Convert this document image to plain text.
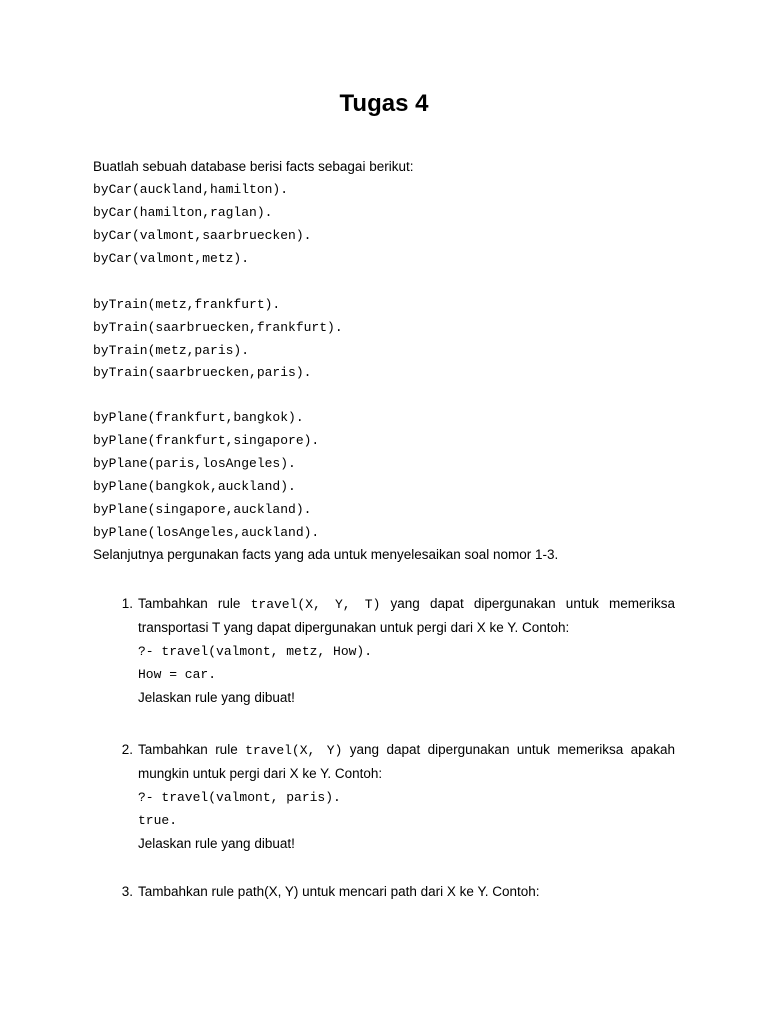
Tugas 4
Buatlah sebuah database berisi facts sebagai berikut:
byCar(auckland,hamilton).
byCar(hamilton,raglan).
byCar(valmont,saarbruecken).
byCar(valmont,metz).
byTrain(metz,frankfurt).
byTrain(saarbruecken,frankfurt).
byTrain(metz,paris).
byTrain(saarbruecken,paris).
byPlane(frankfurt,bangkok).
byPlane(frankfurt,singapore).
byPlane(paris,losAngeles).
byPlane(bangkok,auckland).
byPlane(singapore,auckland).
byPlane(losAngeles,auckland).
Selanjutnya pergunakan facts yang ada untuk menyelesaikan soal nomor 1-3.
1. Tambahkan rule travel(X, Y, T) yang dapat dipergunakan untuk memeriksa
transportasi T yang dapat dipergunakan untuk pergi dari X ke Y. Contoh:
?- travel(valmont, metz, How).
How = car.
Jelaskan rule yang dibuat!
2. Tambahkan rule travel(X, Y) yang dapat dipergunakan untuk memeriksa apakah
mungkin untuk pergi dari X ke Y. Contoh:
?- travel(valmont, paris).
true.
Jelaskan rule yang dibuat!
3. Tambahkan rule path(X, Y) untuk mencari path dari X ke Y. Contoh:
